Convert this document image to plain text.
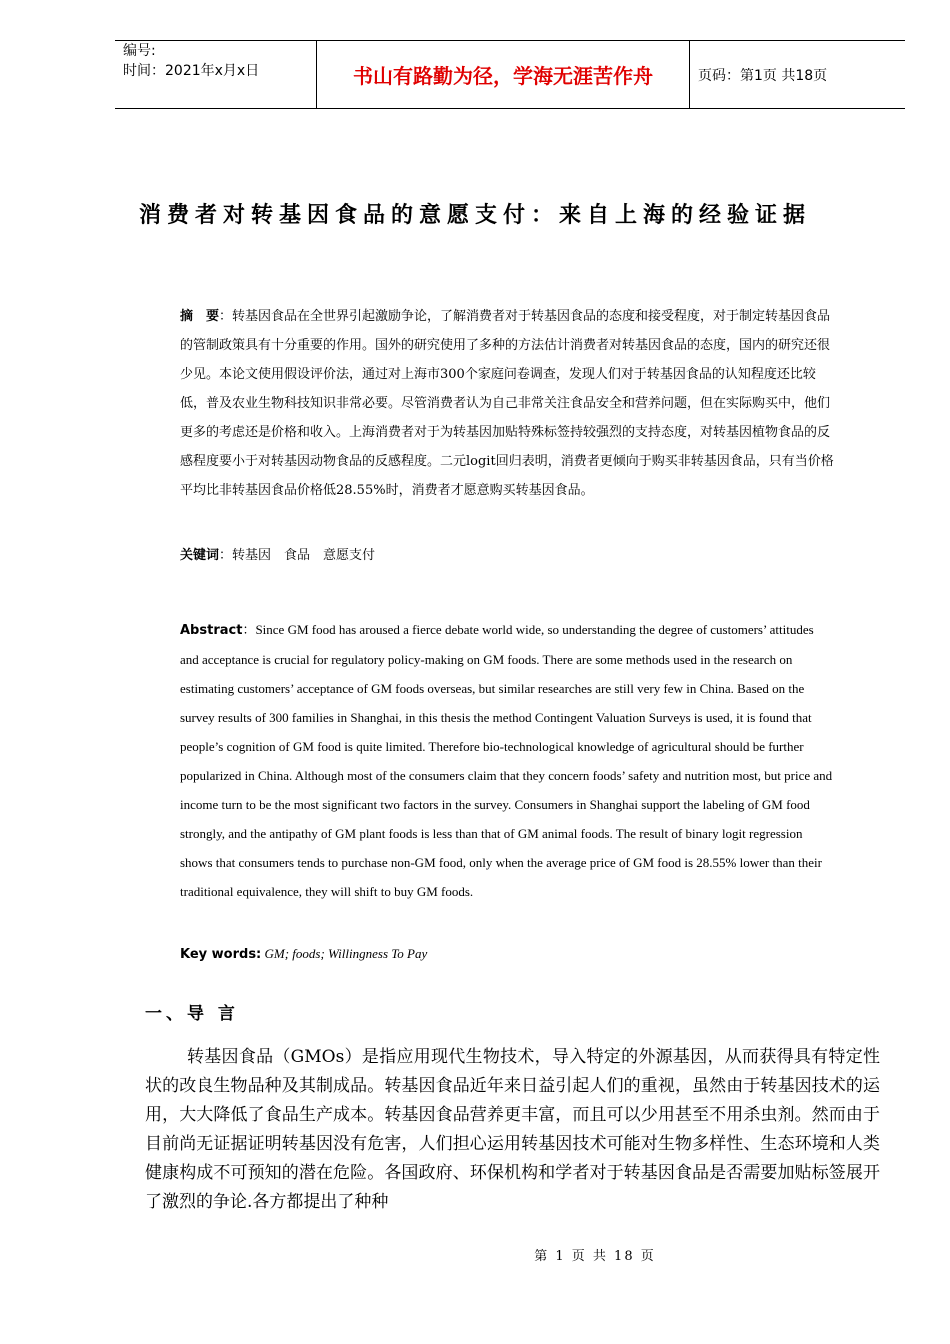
编号:
时间：2021年x月x日	书山有路勤为径，学海无涯苦作舟	页码：第1页 共18页
消费者对转基因食品的意愿支付：来自上海的经验证据
摘　要：转基因食品在全世界引起激励争论，了解消费者对于转基因食品的态度和接受程度，对于制定转基因食品的管制政策具有十分重要的作用。国外的研究使用了多种的方法估计消费者对转基因食品的态度，国内的研究还很少见。本论文使用假设评价法，通过对上海市300个家庭问卷调查，发现人们对于转基因食品的认知程度还比较低，普及农业生物科技知识非常必要。尽管消费者认为自己非常关注食品安全和营养问题，但在实际购买中，他们更多的考虑还是价格和收入。上海消费者对于为转基因加贴特殊标签持较强烈的支持态度，对转基因植物食品的反感程度要小于对转基因动物食品的反感程度。二元logit回归表明，消费者更倾向于购买非转基因食品，只有当价格平均比非转基因食品价格低28.55%时，消费者才愿意购买转基因食品。
关键词：转基因　食品　意愿支付
Abstract：Since GM food has aroused a fierce debate world wide, so understanding the degree of customers’ attitudes and acceptance is crucial for regulatory policy-making on GM foods. There are some methods used in the research on estimating customers’ acceptance of GM foods overseas, but similar researches are still very few in China. Based on the survey results of 300 families in Shanghai, in this thesis the method Contingent Valuation Surveys is used, it is found that people’s cognition of GM food is quite limited. Therefore bio-technological knowledge of agricultural should be further popularized in China. Although most of the consumers claim that they concern foods’ safety and nutrition most, but price and income turn to be the most significant two factors in the survey. Consumers in Shanghai support the labeling of GM food strongly, and the antipathy of GM plant foods is less than that of GM animal foods. The result of binary logit regression shows that consumers tends to purchase non-GM food, only when the average price of GM food is 28.55% lower than their traditional equivalence, they will shift to buy GM foods.
Key words: GM; foods; Willingness To Pay
一、导 言
转基因食品（GMOs）是指应用现代生物技术，导入特定的外源基因，从而获得具有特定性状的改良生物品种及其制成品。转基因食品近年来日益引起人们的重视，虽然由于转基因技术的运用，大大降低了食品生产成本。转基因食品营养更丰富，而且可以少用甚至不用杀虫剂。然而由于目前尚无证据证明转基因没有危害，人们担心运用转基因技术可能对生物多样性、生态环境和人类健康构成不可预知的潜在危险。各国政府、环保机构和学者对于转基因食品是否需要加贴标签展开了激烈的争论.各方都提出了种种
第 1 页 共 18 页
